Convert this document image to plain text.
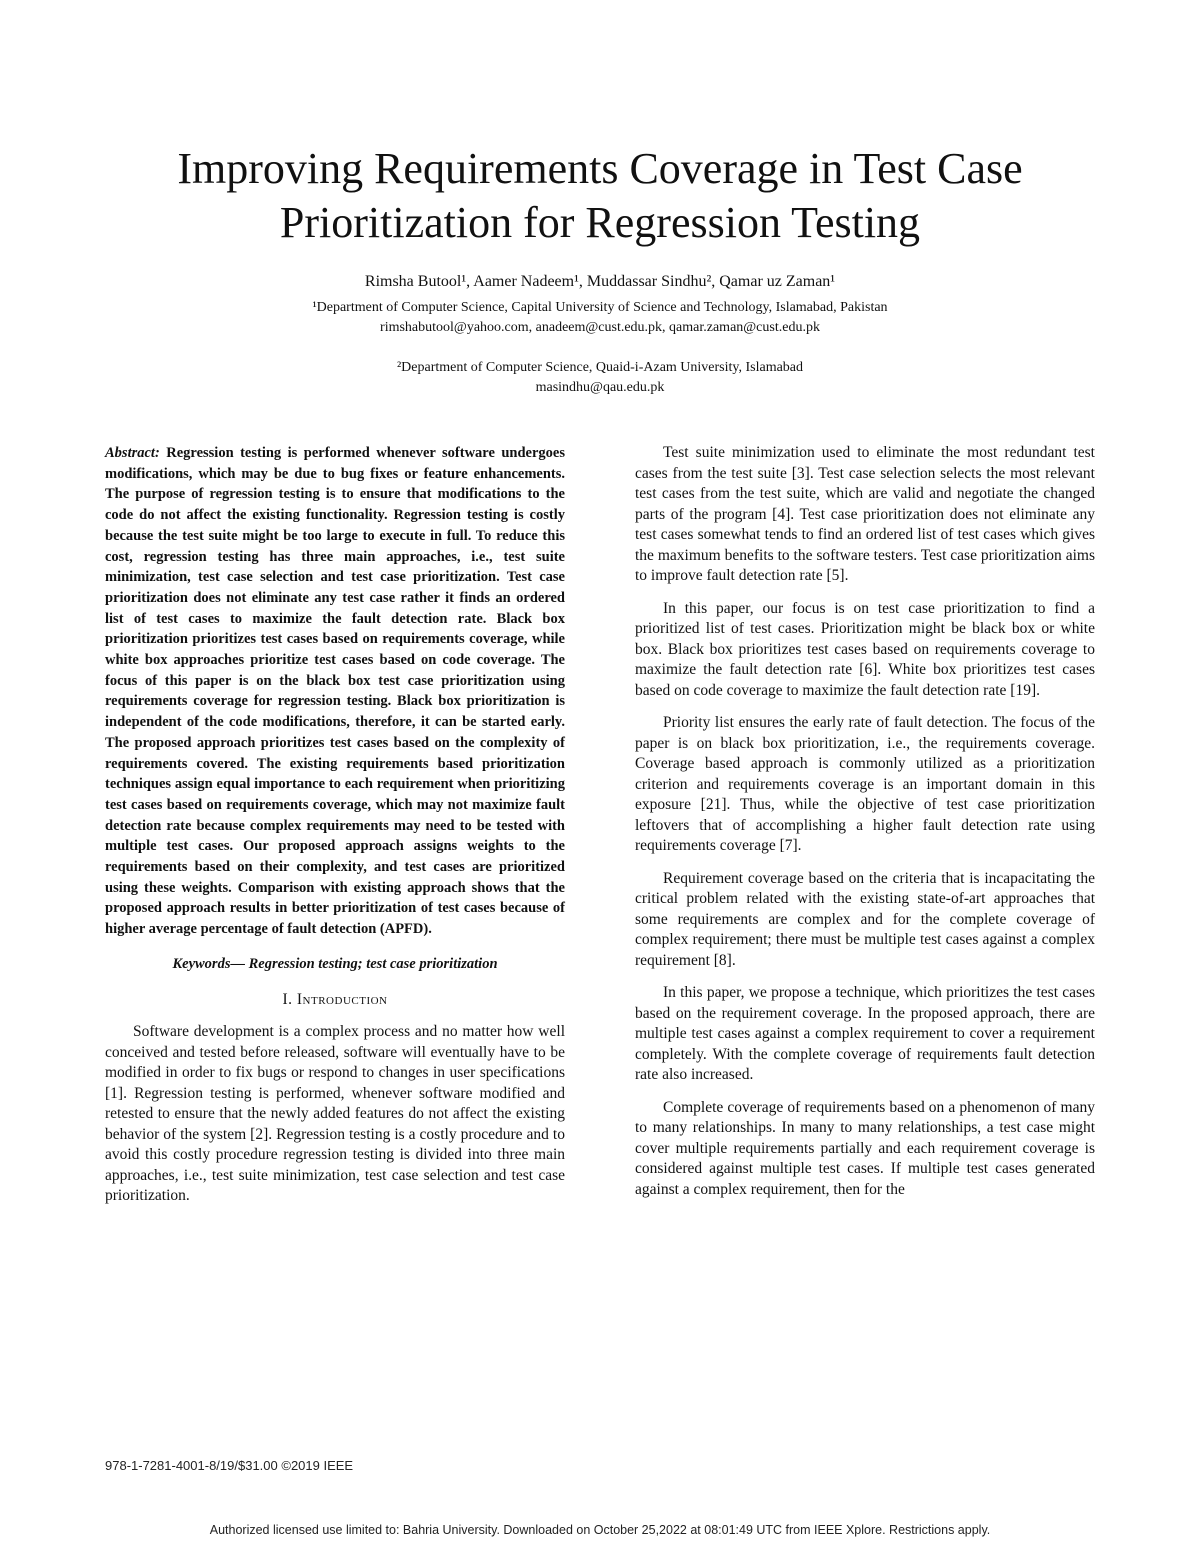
Improving Requirements Coverage in Test Case
Prioritization for Regression Testing
Rimsha Butool¹, Aamer Nadeem¹, Muddassar Sindhu², Qamar uz Zaman¹
¹Department of Computer Science, Capital University of Science and Technology, Islamabad, Pakistan
rimshabutool@yahoo.com, anadeem@cust.edu.pk, qamar.zaman@cust.edu.pk
²Department of Computer Science, Quaid-i-Azam University, Islamabad
masindhu@qau.edu.pk

Abstract: Regression testing is performed whenever software undergoes modifications, which may be due to bug fixes or feature enhancements. The purpose of regression testing is to ensure that modifications to the code do not affect the existing functionality. Regression testing is costly because the test suite might be too large to execute in full. To reduce this cost, regression testing has three main approaches, i.e., test suite minimization, test case selection and test case prioritization. Test case prioritization does not eliminate any test case rather it finds an ordered list of test cases to maximize the fault detection rate. Black box prioritization prioritizes test cases based on requirements coverage, while white box approaches prioritize test cases based on code coverage. The focus of this paper is on the black box test case prioritization using requirements coverage for regression testing. Black box prioritization is independent of the code modifications, therefore, it can be started early. The proposed approach prioritizes test cases based on the complexity of requirements covered. The existing requirements based prioritization techniques assign equal importance to each requirement when prioritizing test cases based on requirements coverage, which may not maximize fault detection rate because complex requirements may need to be tested with multiple test cases. Our proposed approach assigns weights to the requirements based on their complexity, and test cases are prioritized using these weights. Comparison with existing approach shows that the proposed approach results in better prioritization of test cases because of higher average percentage of fault detection (APFD).

Keywords— Regression testing; test case prioritization
I. Introduction

Software development is a complex process and no matter how well conceived and tested before released, software will eventually have to be modified in order to fix bugs or respond to changes in user specifications [1]. Regression testing is performed, whenever software modified and retested to ensure that the newly added features do not affect the existing behavior of the system [2]. Regression testing is a costly procedure and to avoid this costly procedure regression testing is divided into three main approaches, i.e., test suite minimization, test case selection and test case prioritization.

Test suite minimization used to eliminate the most redundant test cases from the test suite [3]. Test case selection selects the most relevant test cases from the test suite, which are valid and negotiate the changed parts of the program [4]. Test case prioritization does not eliminate any test cases somewhat tends to find an ordered list of test cases which gives the maximum benefits to the software testers. Test case prioritization aims to improve fault detection rate [5].

In this paper, our focus is on test case prioritization to find a prioritized list of test cases. Prioritization might be black box or white box. Black box prioritizes test cases based on requirements coverage to maximize the fault detection rate [6]. White box prioritizes test cases based on code coverage to maximize the fault detection rate [19].

Priority list ensures the early rate of fault detection. The focus of the paper is on black box prioritization, i.e., the requirements coverage. Coverage based approach is commonly utilized as a prioritization criterion and requirements coverage is an important domain in this exposure [21]. Thus, while the objective of test case prioritization leftovers that of accomplishing a higher fault detection rate using requirements coverage [7].

Requirement coverage based on the criteria that is incapacitating the critical problem related with the existing state-of-art approaches that some requirements are complex and for the complete coverage of complex requirement; there must be multiple test cases against a complex requirement [8].

In this paper, we propose a technique, which prioritizes the test cases based on the requirement coverage. In the proposed approach, there are multiple test cases against a complex requirement to cover a requirement completely. With the complete coverage of requirements fault detection rate also increased.

Complete coverage of requirements based on a phenomenon of many to many relationships. In many to many relationships, a test case might cover multiple requirements partially and each requirement coverage is considered against multiple test cases. If multiple test cases generated against a complex requirement, then for the

978-1-7281-4001-8/19/$31.00 ©2019 IEEE
Authorized licensed use limited to: Bahria University. Downloaded on October 25,2022 at 08:01:49 UTC from IEEE Xplore. Restrictions apply.
